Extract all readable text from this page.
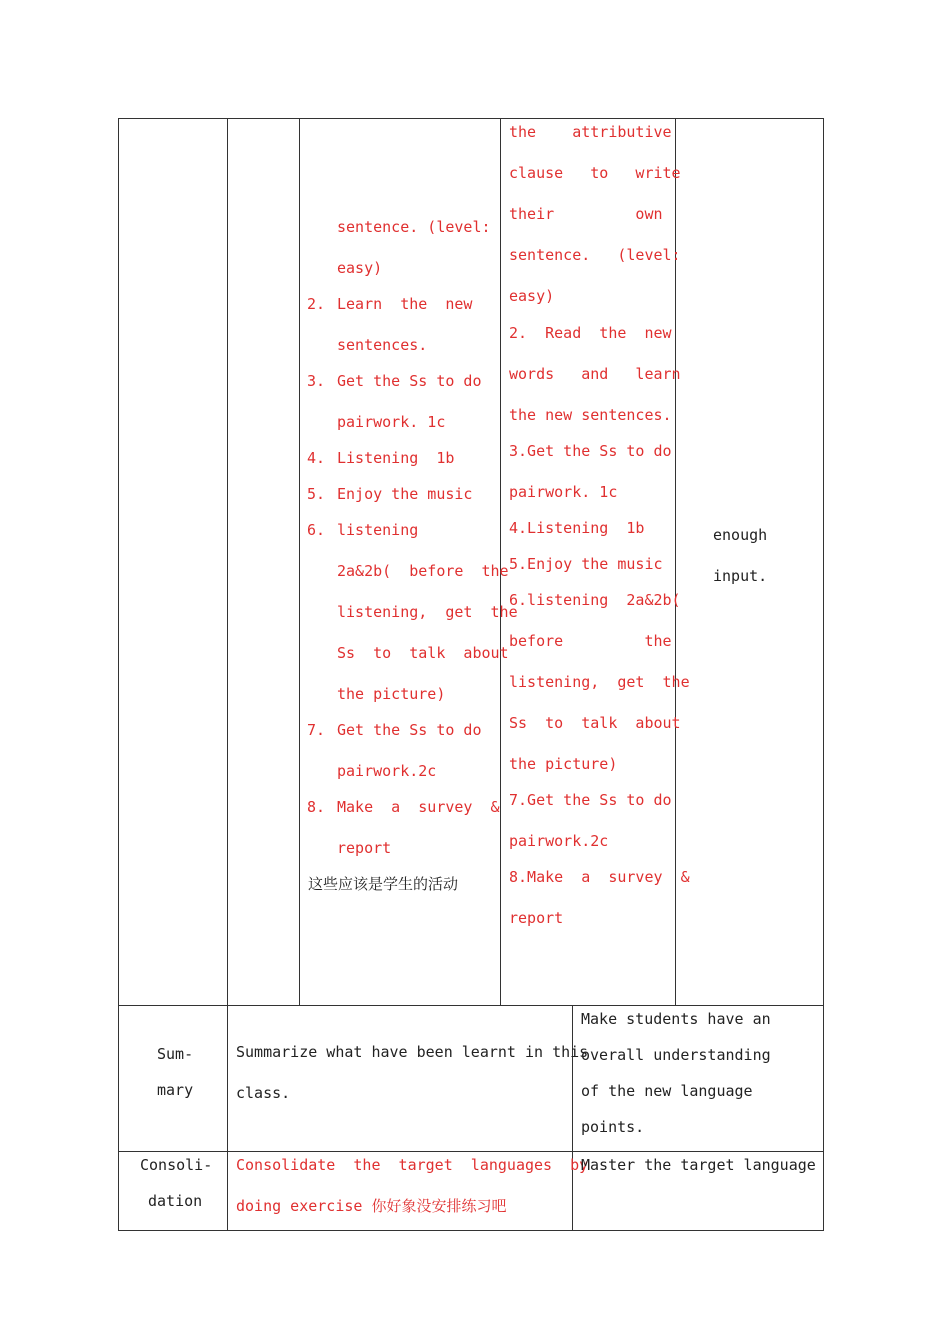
sentence. (level:
easy)
2. Learn  the  new
sentences.
3. Get the Ss to do
pairwork. 1c
4. Listening  1b
5. Enjoy the music
6. listening
2a&2b(  before  the
listening,  get  the
Ss  to  talk  about
the picture)
7. Get the Ss to do
pairwork.2c
8. Make  a  survey  &
report
这些应该是学生的活动
the    attributive
clause   to   write
their         own
sentence.   (level:
easy)
2.  Read  the  new
words   and   learn
the new sentences.
3.Get the Ss to do
pairwork. 1c
4.Listening  1b
5.Enjoy the music
6.listening  2a&2b(
before         the
listening,  get  the
Ss  to  talk  about
the picture)
7.Get the Ss to do
pairwork.2c
8.Make  a  survey  &
report
enough
input.
Sum-
mary
Summarize what have been learnt in this
class.
Make students have an
overall understanding
of the new language
points.
Consoli-
dation
Consolidate  the  target  languages  by
doing exercise 你好象没安排练习吧
Master the target language
